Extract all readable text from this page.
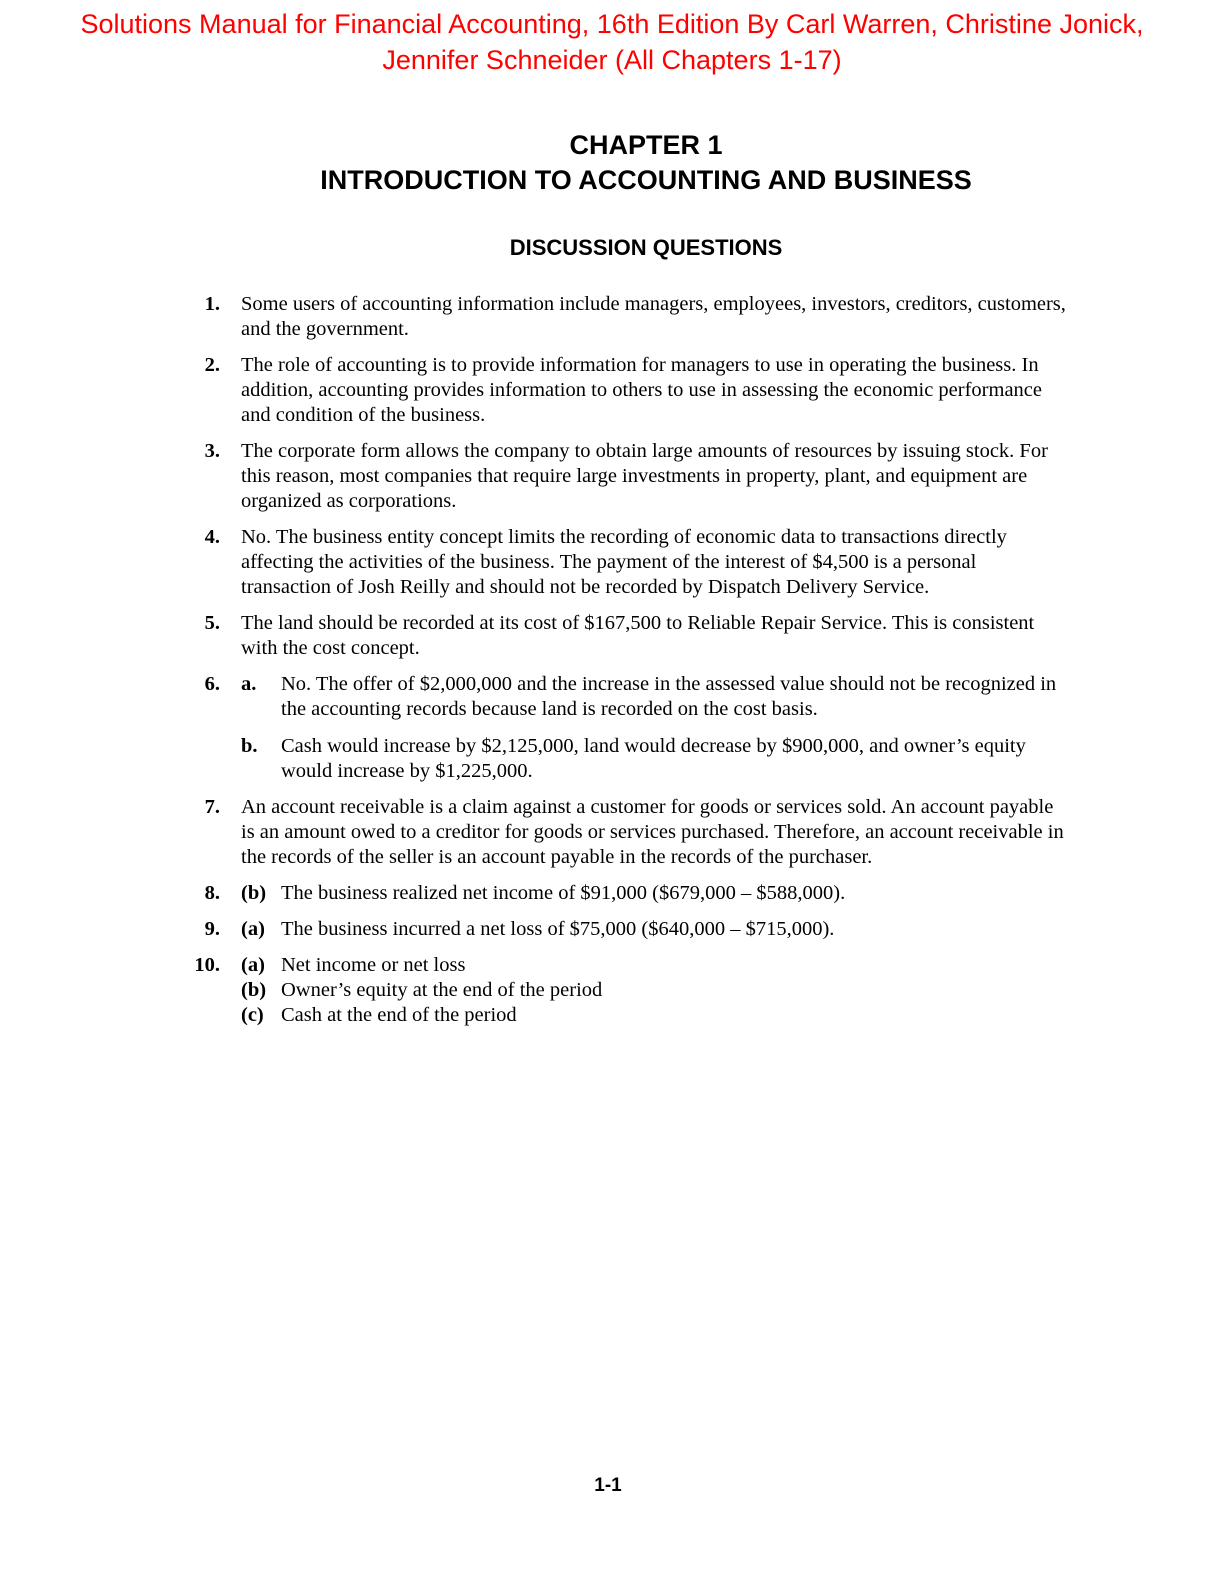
Solutions Manual for Financial Accounting, 16th Edition By Carl Warren, Christine Jonick,
Jennifer Schneider (All Chapters 1-17)
CHAPTER 1
INTRODUCTION TO ACCOUNTING AND BUSINESS
DISCUSSION QUESTIONS
1. Some users of accounting information include managers, employees, investors, creditors, customers, and the government.
2. The role of accounting is to provide information for managers to use in operating the business. In addition, accounting provides information to others to use in assessing the economic performance and condition of the business.
3. The corporate form allows the company to obtain large amounts of resources by issuing stock. For this reason, most companies that require large investments in property, plant, and equipment are organized as corporations.
4. No. The business entity concept limits the recording of economic data to transactions directly affecting the activities of the business. The payment of the interest of $4,500 is a personal transaction of Josh Reilly and should not be recorded by Dispatch Delivery Service.
5. The land should be recorded at its cost of $167,500 to Reliable Repair Service. This is consistent with the cost concept.
6. a. No. The offer of $2,000,000 and the increase in the assessed value should not be recognized in the accounting records because land is recorded on the cost basis.
b. Cash would increase by $2,125,000, land would decrease by $900,000, and owner’s equity would increase by $1,225,000.
7. An account receivable is a claim against a customer for goods or services sold. An account payable is an amount owed to a creditor for goods or services purchased. Therefore, an account receivable in the records of the seller is an account payable in the records of the purchaser.
8. (b) The business realized net income of $91,000 ($679,000 – $588,000).
9. (a) The business incurred a net loss of $75,000 ($640,000 – $715,000).
10. (a) Net income or net loss
(b) Owner’s equity at the end of the period
(c) Cash at the end of the period
1-1
